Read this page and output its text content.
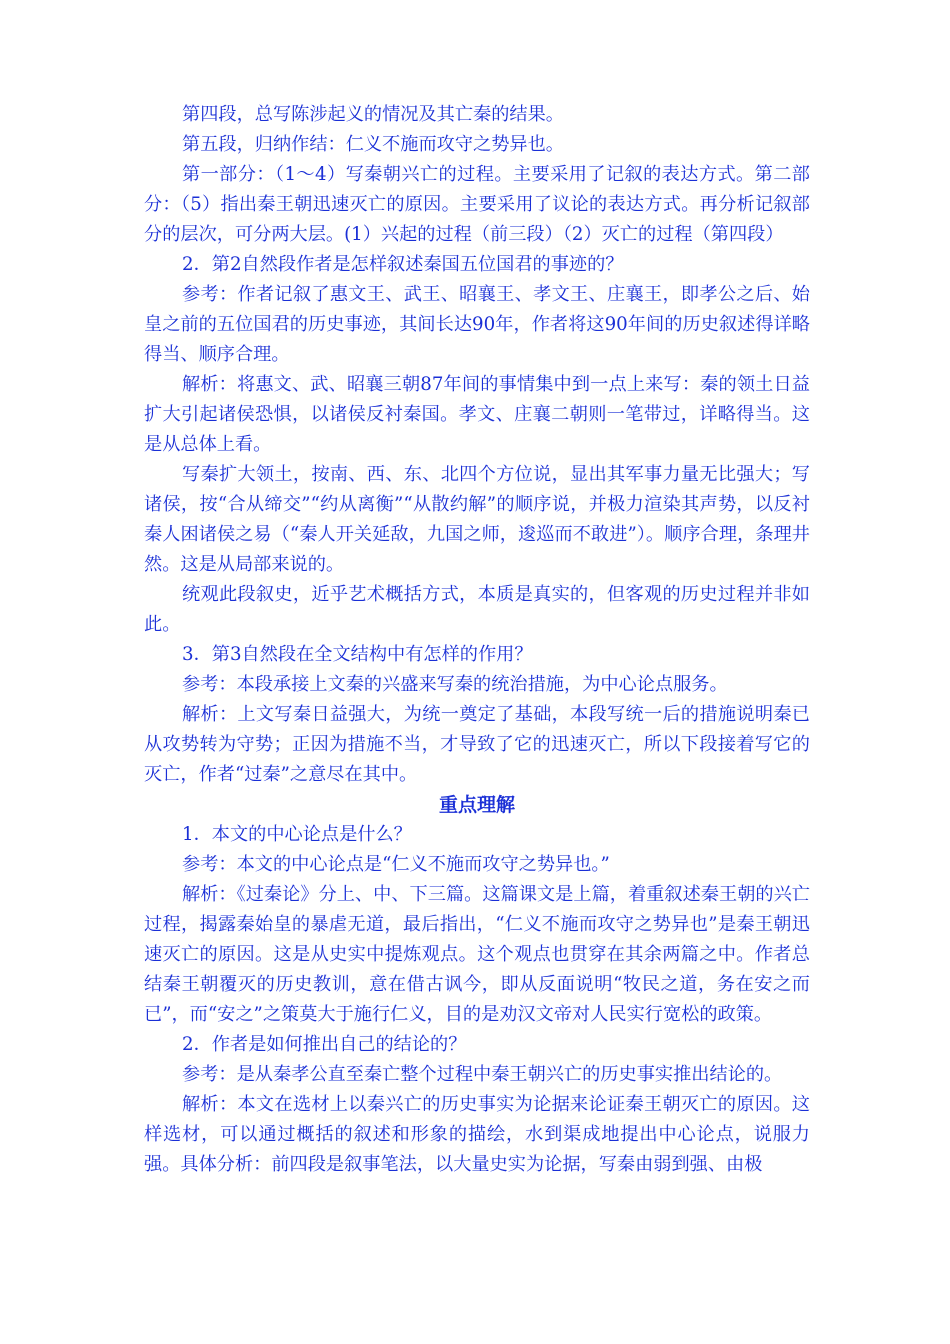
第四段，总写陈涉起义的情况及其亡秦的结果。

第五段，归纳作结：仁义不施而攻守之势异也。

第一部分：（1～4）写秦朝兴亡的过程。主要采用了记叙的表达方式。第二部分：（5）指出秦王朝迅速灭亡的原因。主要采用了议论的表达方式。再分析记叙部分的层次，可分两大层。(1）兴起的过程（前三段）（2）灭亡的过程（第四段）

2．第2自然段作者是怎样叙述秦国五位国君的事迹的？

参考：作者记叙了惠文王、武王、昭襄王、孝文王、庄襄王，即孝公之后、始皇之前的五位国君的历史事迹，其间长达90年，作者将这90年间的历史叙述得详略得当、顺序合理。

解析：将惠文、武、昭襄三朝87年间的事情集中到一点上来写：秦的领土日益扩大引起诸侯恐惧，以诸侯反衬秦国。孝文、庄襄二朝则一笔带过，详略得当。这是从总体上看。

写秦扩大领土，按南、西、东、北四个方位说，显出其军事力量无比强大；写诸侯，按“合从缔交”“约从离衡”“从散约解”的顺序说，并极力渲染其声势，以反衬秦人困诸侯之易（“秦人开关延敌，九国之师，逡巡而不敢进”）。顺序合理，条理井然。这是从局部来说的。

统观此段叙史，近乎艺术概括方式，本质是真实的，但客观的历史过程并非如此。

3．第3自然段在全文结构中有怎样的作用？

参考：本段承接上文秦的兴盛来写秦的统治措施，为中心论点服务。

解析：上文写秦日益强大，为统一奠定了基础，本段写统一后的措施说明秦已从攻势转为守势；正因为措施不当，才导致了它的迅速灭亡，所以下段接着写它的灭亡，作者“过秦”之意尽在其中。

重点理解

1．本文的中心论点是什么？

参考：本文的中心论点是“仁义不施而攻守之势异也。”

解析：《过秦论》分上、中、下三篇。这篇课文是上篇，着重叙述秦王朝的兴亡过程，揭露秦始皇的暴虐无道，最后指出，“仁义不施而攻守之势异也”是秦王朝迅速灭亡的原因。这是从史实中提炼观点。这个观点也贯穿在其余两篇之中。作者总结秦王朝覆灭的历史教训，意在借古讽今，即从反面说明“牧民之道，务在安之而已”，而“安之”之策莫大于施行仁义，目的是劝汉文帝对人民实行宽松的政策。

2．作者是如何推出自己的结论的？

参考：是从秦孝公直至秦亡整个过程中秦王朝兴亡的历史事实推出结论的。

解析：本文在选材上以秦兴亡的历史事实为论据来论证秦王朝灭亡的原因。这样选材，可以通过概括的叙述和形象的描绘，水到渠成地提出中心论点，说服力强。具体分析：前四段是叙事笔法，以大量史实为论据，写秦由弱到强、由极
